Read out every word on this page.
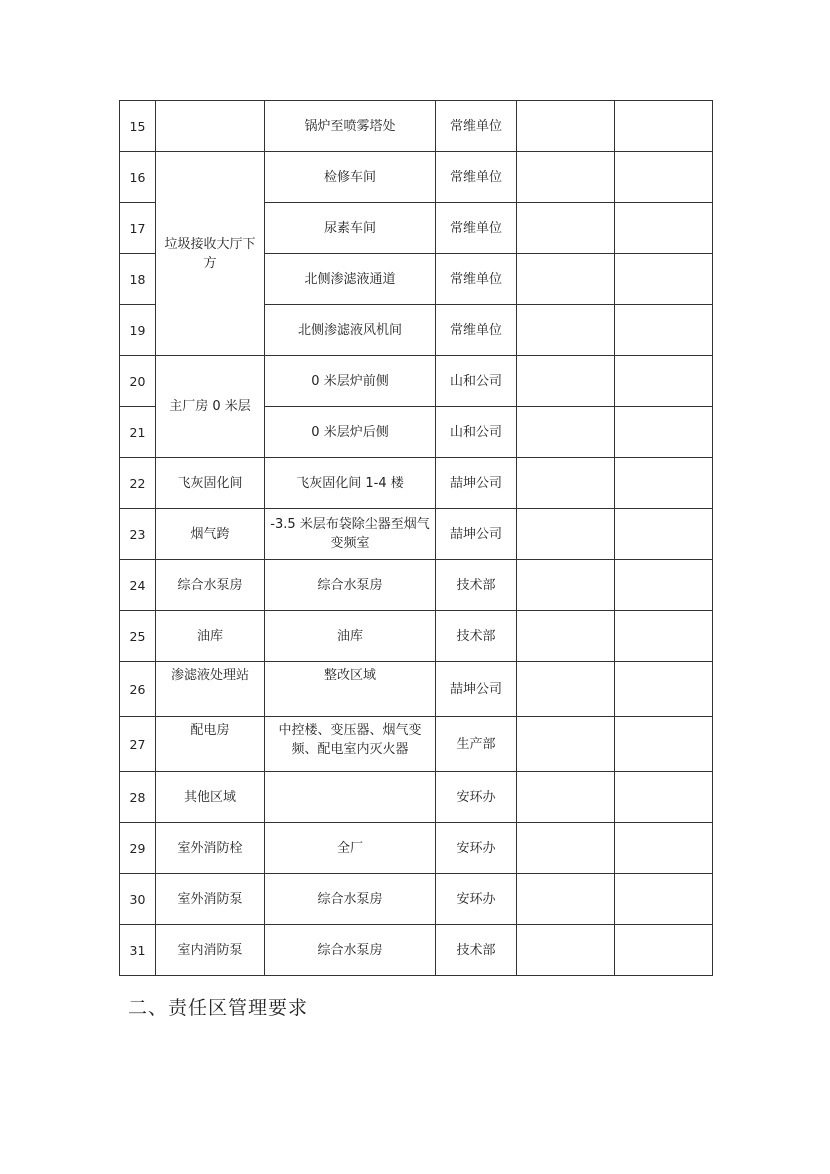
15		锅炉至喷雾塔处	常维单位		
16	垃圾接收大厅下方	检修车间	常维单位		
17		尿素车间	常维单位		
18		北侧渗滤液通道	常维单位		
19		北侧渗滤液风机间	常维单位		
20	主厂房 0 米层	0 米层炉前侧	山和公司		
21		0 米层炉后侧	山和公司		
22	飞灰固化间	飞灰固化间 1-4 楼	喆坤公司		
23	烟气跨	-3.5 米层布袋除尘器至烟气变频室	喆坤公司		
24	综合水泵房	综合水泵房	技术部		
25	油库	油库	技术部		
26	渗滤液处理站	整改区域	喆坤公司		
27	配电房	中控楼、变压器、烟气变频、配电室内灭火器	生产部		
28	其他区域		安环办		
29	室外消防栓	全厂	安环办		
30	室外消防泵	综合水泵房	安环办		
31	室内消防泵	综合水泵房	技术部		
二、责任区管理要求
